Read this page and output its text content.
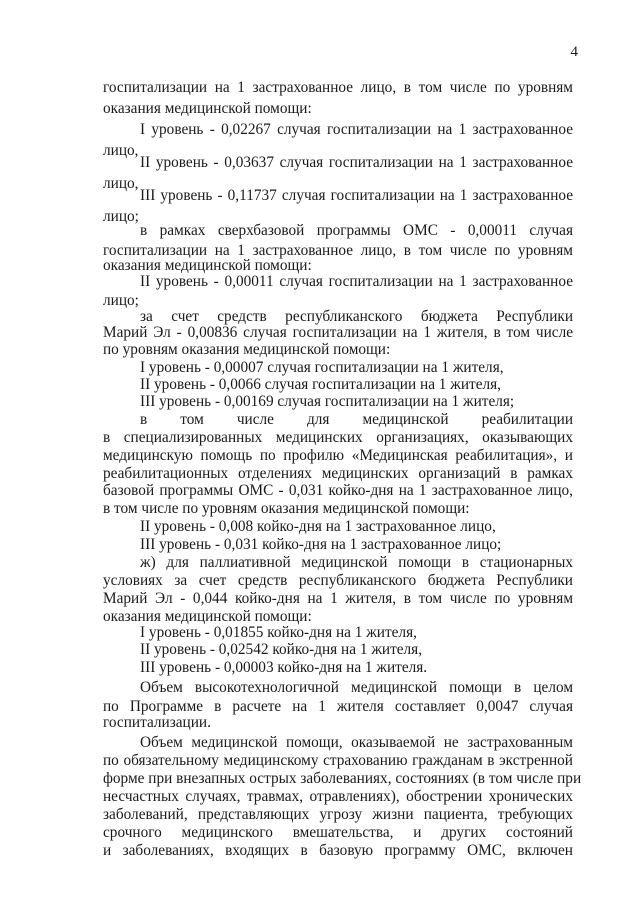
4
госпитализации на 1 застрахованное лицо, в том числе по уровням
оказания медицинской помощи:
I уровень - 0,02267 случая госпитализации на 1 застрахованное
лицо,
II уровень - 0,03637 случая госпитализации на 1 застрахованное
лицо,
III уровень - 0,11737 случая госпитализации на 1 застрахованное
лицо;
в рамках сверхбазовой программы ОМС - 0,00011 случая
госпитализации на 1 застрахованное лицо, в том числе по уровням
оказания медицинской помощи:
II уровень - 0,00011 случая госпитализации на 1 застрахованное
лицо;
за счет средств республиканского бюджета Республики
Марий Эл - 0,00836 случая госпитализации на 1 жителя, в том числе
по уровням оказания медицинской помощи:
I уровень - 0,00007 случая госпитализации на 1 жителя,
II уровень - 0,0066 случая госпитализации на 1 жителя,
III уровень - 0,00169 случая госпитализации на 1 жителя;
в том числе для медицинской реабилитации
в специализированных медицинских организациях, оказывающих
медицинскую помощь по профилю «Медицинская реабилитация», и
реабилитационных отделениях медицинских организаций в рамках
базовой программы ОМС - 0,031 койко-дня на 1 застрахованное лицо,
в том числе по уровням оказания медицинской помощи:
II уровень - 0,008 койко-дня на 1 застрахованное лицо,
III уровень - 0,031 койко-дня на 1 застрахованное лицо;
ж) для паллиативной медицинской помощи в стационарных
условиях за счет средств республиканского бюджета Республики
Марий Эл - 0,044 койко-дня на 1 жителя, в том числе по уровням
оказания медицинской помощи:
I уровень - 0,01855 койко-дня на 1 жителя,
II уровень - 0,02542 койко-дня на 1 жителя,
III уровень - 0,00003 койко-дня на 1 жителя.
Объем высокотехнологичной медицинской помощи в целом
по Программе в расчете на 1 жителя составляет 0,0047 случая
госпитализации.
Объем медицинской помощи, оказываемой не застрахованным
по обязательному медицинскому страхованию гражданам в экстренной
форме при внезапных острых заболеваниях, состояниях (в том числе при
несчастных случаях, травмах, отравлениях), обострении хронических
заболеваний, представляющих угрозу жизни пациента, требующих
срочного медицинского вмешательства, и других состояний
и заболеваниях, входящих в базовую программу ОМС, включен
